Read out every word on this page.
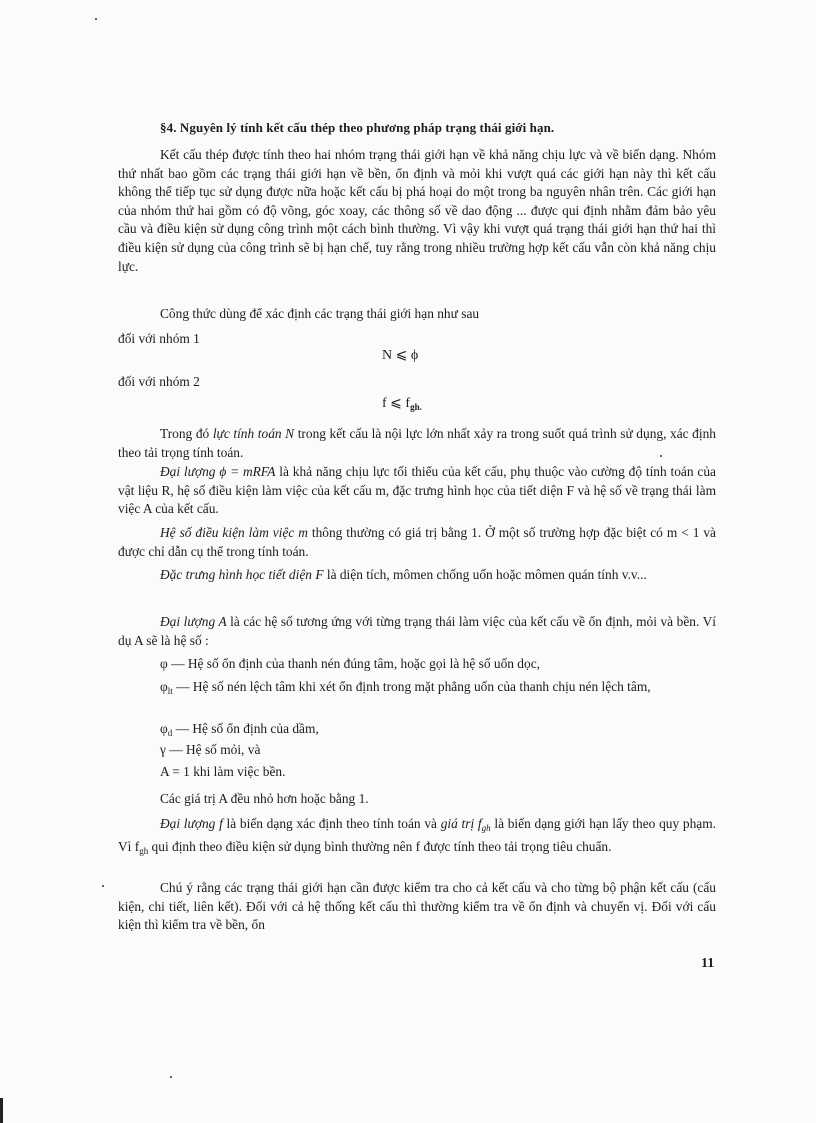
§4. Nguyên lý tính kết cấu thép theo phương pháp trạng thái giới hạn.

Kết cấu thép được tính theo hai nhóm trạng thái giới hạn về khả năng chịu lực và về biến dạng. Nhóm thứ nhất bao gồm các trạng thái giới hạn về bền, ổn định và mỏi khi vượt quá các giới hạn này thì kết cấu không thể tiếp tục sử dụng được nữa hoặc kết cấu bị phá hoại do một trong ba nguyên nhân trên. Các giới hạn của nhóm thứ hai gồm có độ võng, góc xoay, các thông số về dao động ... được qui định nhằm đảm bảo yêu cầu và điều kiện sử dụng công trình một cách bình thường. Vì vậy khi vượt quá trạng thái giới hạn thứ hai thì điều kiện sử dụng của công trình sẽ bị hạn chế, tuy rằng trong nhiều trường hợp kết cấu vẫn còn khả năng chịu lực.

Công thức dùng để xác định các trạng thái giới hạn như sau

đối với nhóm 1
N ⩽ ϕ
đối với nhóm 2
f ⩽ $f_{gh.}$

Trong đó lực tính toán N trong kết cấu là nội lực lớn nhất xảy ra trong suốt quá trình sử dụng, xác định theo tải trọng tính toán.

Đại lượng ϕ = mRFA là khả năng chịu lực tối thiểu của kết cấu, phụ thuộc vào cường độ tính toán của vật liệu R, hệ số điều kiện làm việc của kết cấu m, đặc trưng hình học của tiết diện F và hệ số về trạng thái làm việc A của kết cấu.

Hệ số điều kiện làm việc m thông thường có giá trị bằng 1. Ở một số trường hợp đặc biệt có m < 1 và được chỉ dẫn cụ thể trong tính toán.

Đặc trưng hình học tiết diện F là diện tích, mômen chống uốn hoặc mômen quán tính v.v...

Đại lượng A là các hệ số tương ứng với từng trạng thái làm việc của kết cấu về ổn định, mỏi và bền. Ví dụ A sẽ là hệ số :

φ — Hệ số ổn định của thanh nén đúng tâm, hoặc gọi là hệ số uốn dọc,

$\varphi_{lt}$ — Hệ số nén lệch tâm khi xét ổn định trong mặt phẳng uốn của thanh chịu nén lệch tâm,

$\varphi_d$ — Hệ số ổn định của dầm,

γ — Hệ số mỏi, và

A = 1 khi làm việc bền.

Các giá trị A đều nhỏ hơn hoặc bằng 1.

Đại lượng f là biến dạng xác định theo tính toán và giá trị $f_{gh}$ là biến dạng giới hạn lấy theo quy phạm. Vì $f_{gh}$ qui định theo điều kiện sử dụng bình thường nên f được tính theo tải trọng tiêu chuẩn.

Chú ý rằng các trạng thái giới hạn cần được kiểm tra cho cả kết cấu và cho từng bộ phận kết cấu (cấu kiện, chi tiết, liên kết). Đối với cả hệ thống kết cấu thì thường kiểm tra về ổn định và chuyển vị. Đối với cấu kiện thì kiểm tra về bền, ổn

11
